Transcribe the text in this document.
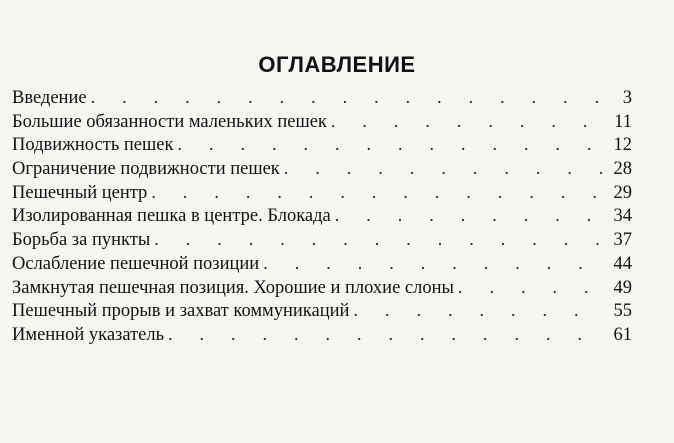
ОГЛАВЛЕНИЕ
Введение .	3
Большие обязанности маленьких пешек .	11
Подвижность пешек .	12
Ограничение подвижности пешек .	28
Пешечный центр .	29
Изолированная пешка в центре. Блокада .	34
Борьба за пункты .	37
Ослабление пешечной позиции .	44
Замкнутая пешечная позиция. Хорошие и плохие слоны .	49
Пешечный прорыв и захват коммуникаций .	55
Именной указатель .	61
